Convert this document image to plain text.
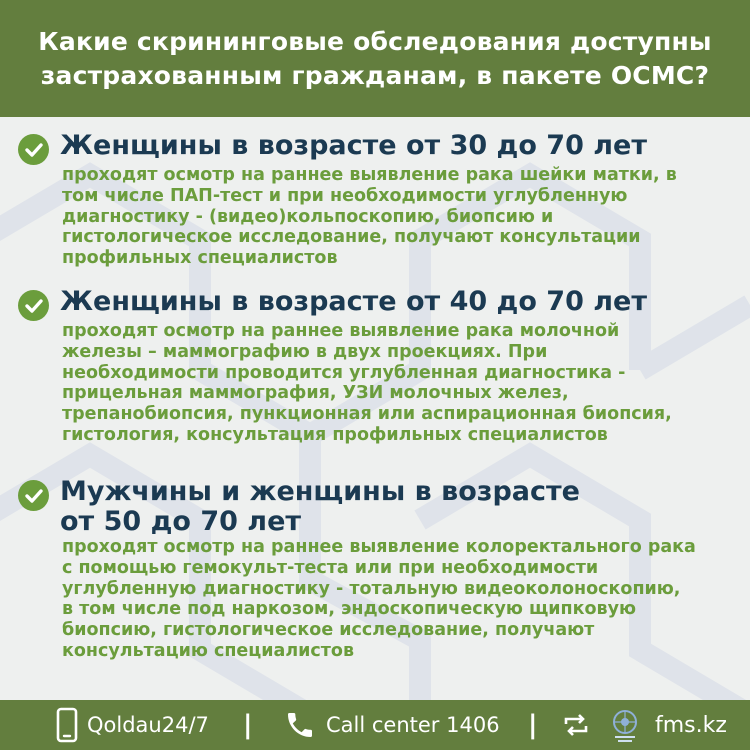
Какие скрининговые обследования доступны
застрахованным гражданам, в пакете ОСМС?
Женщины в возрасте от 30 до 70 лет

проходят осмотр на раннее выявление рака шейки матки, в
том числе ПАП-тест и при необходимости углубленную
диагностику - (видео)кольпоскопию, биопсию и
гистологическое исследование, получают консультации
профильных специалистов

Женщины в возрасте от 40 до 70 лет

проходят осмотр на раннее выявление рака молочной
железы – маммографию в двух проекциях. При
необходимости проводится углубленная диагностика -
прицельная маммография, УЗИ молочных желез,
трепанобиопсия, пункционная или аспирационная биопсия,
гистология, консультация профильных специалистов

Мужчины и женщины в возрасте
от 50 до 70 лет

проходят осмотр на раннее выявление колоректального рака
с помощью гемокульт-теста или при необходимости
углубленную диагностику - тотальную видеоколоноскопию,
в том числе под наркозом, эндоскопическую щипковую
биопсию, гистологическое исследование, получают
консультацию специалистов

Qoldau24/7 |	Call center 1406 |	fms.kz
